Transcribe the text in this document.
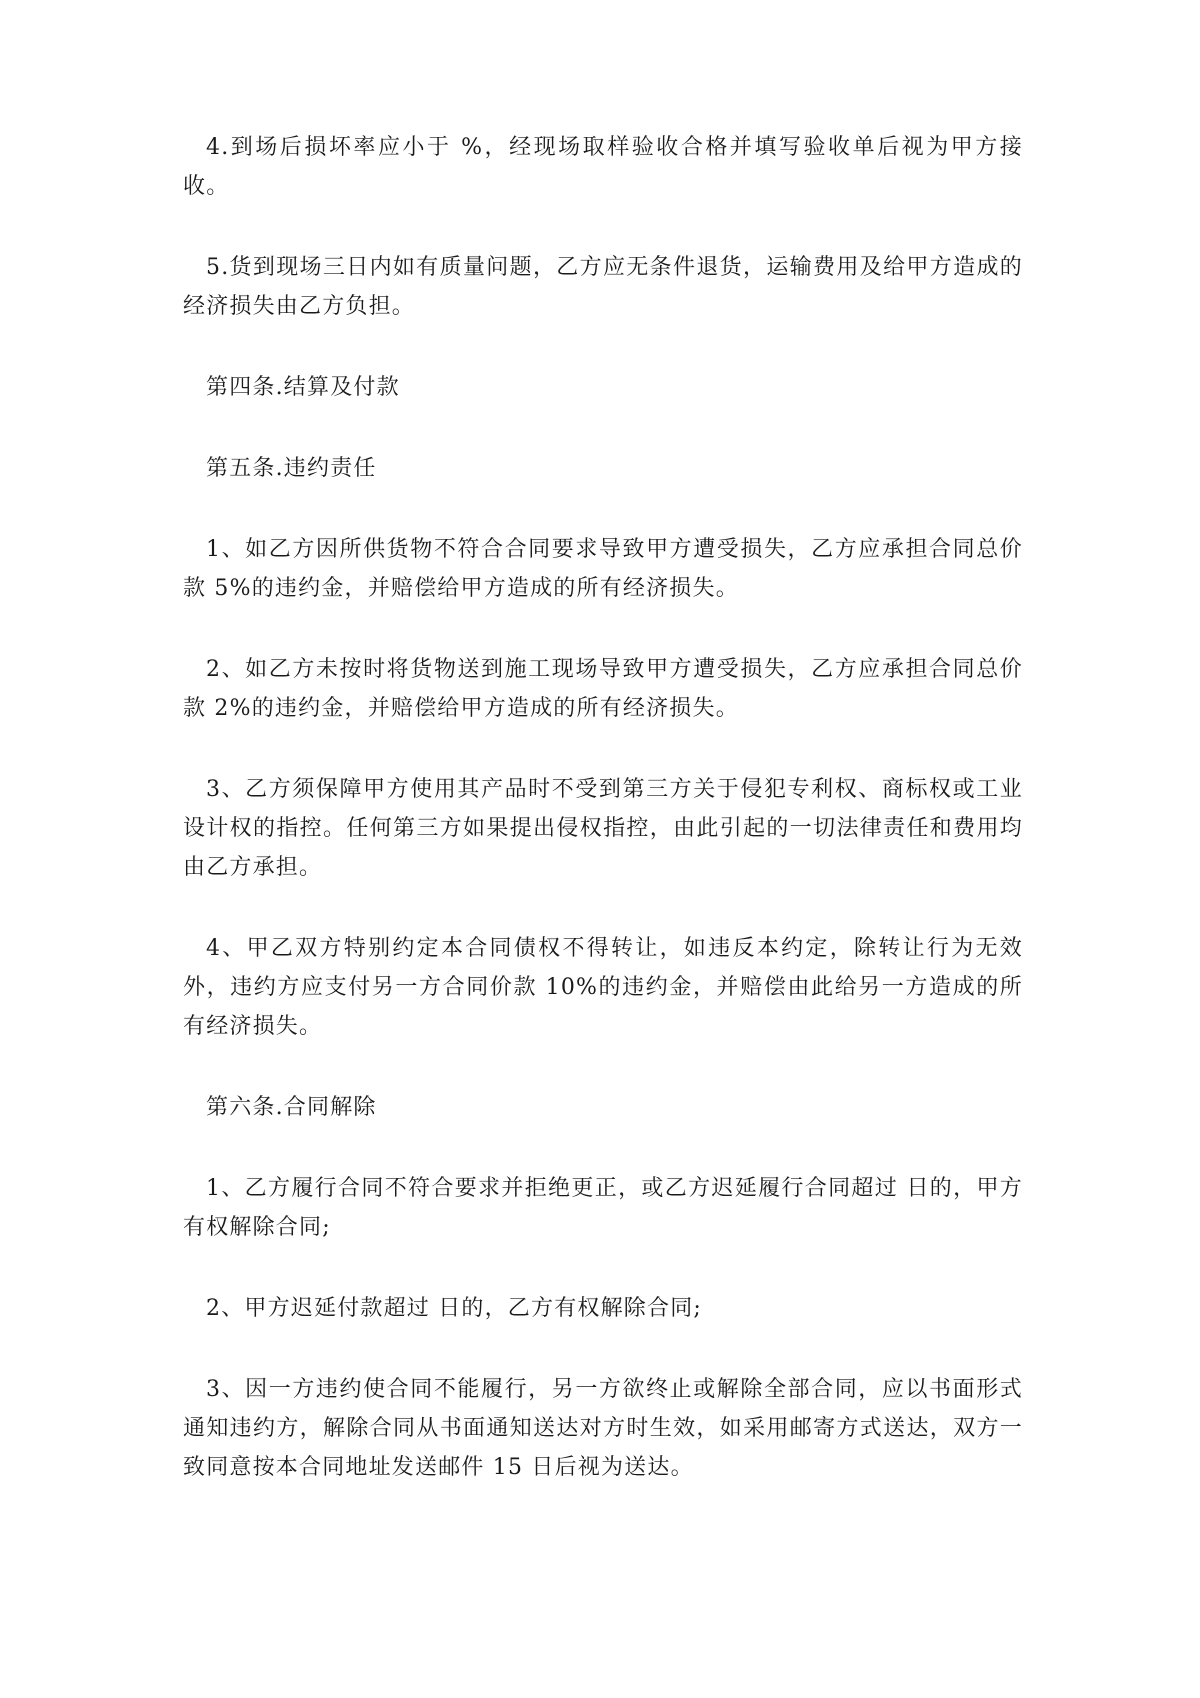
4.到场后损坏率应小于 %，经现场取样验收合格并填写验收单后视为甲方接收。

5.货到现场三日内如有质量问题，乙方应无条件退货，运输费用及给甲方造成的经济损失由乙方负担。

第四条.结算及付款

第五条.违约责任

1、如乙方因所供货物不符合合同要求导致甲方遭受损失，乙方应承担合同总价款 5%的违约金，并赔偿给甲方造成的所有经济损失。

2、如乙方未按时将货物送到施工现场导致甲方遭受损失，乙方应承担合同总价款 2%的违约金，并赔偿给甲方造成的所有经济损失。

3、乙方须保障甲方使用其产品时不受到第三方关于侵犯专利权、商标权或工业设计权的指控。任何第三方如果提出侵权指控，由此引起的一切法律责任和费用均由乙方承担。

4、甲乙双方特别约定本合同债权不得转让，如违反本约定，除转让行为无效外，违约方应支付另一方合同价款 10%的违约金，并赔偿由此给另一方造成的所有经济损失。

第六条.合同解除

1、乙方履行合同不符合要求并拒绝更正，或乙方迟延履行合同超过 日的，甲方有权解除合同;

2、甲方迟延付款超过 日的，乙方有权解除合同;

3、因一方违约使合同不能履行，另一方欲终止或解除全部合同，应以书面形式通知违约方，解除合同从书面通知送达对方时生效，如采用邮寄方式送达，双方一致同意按本合同地址发送邮件 15 日后视为送达。
